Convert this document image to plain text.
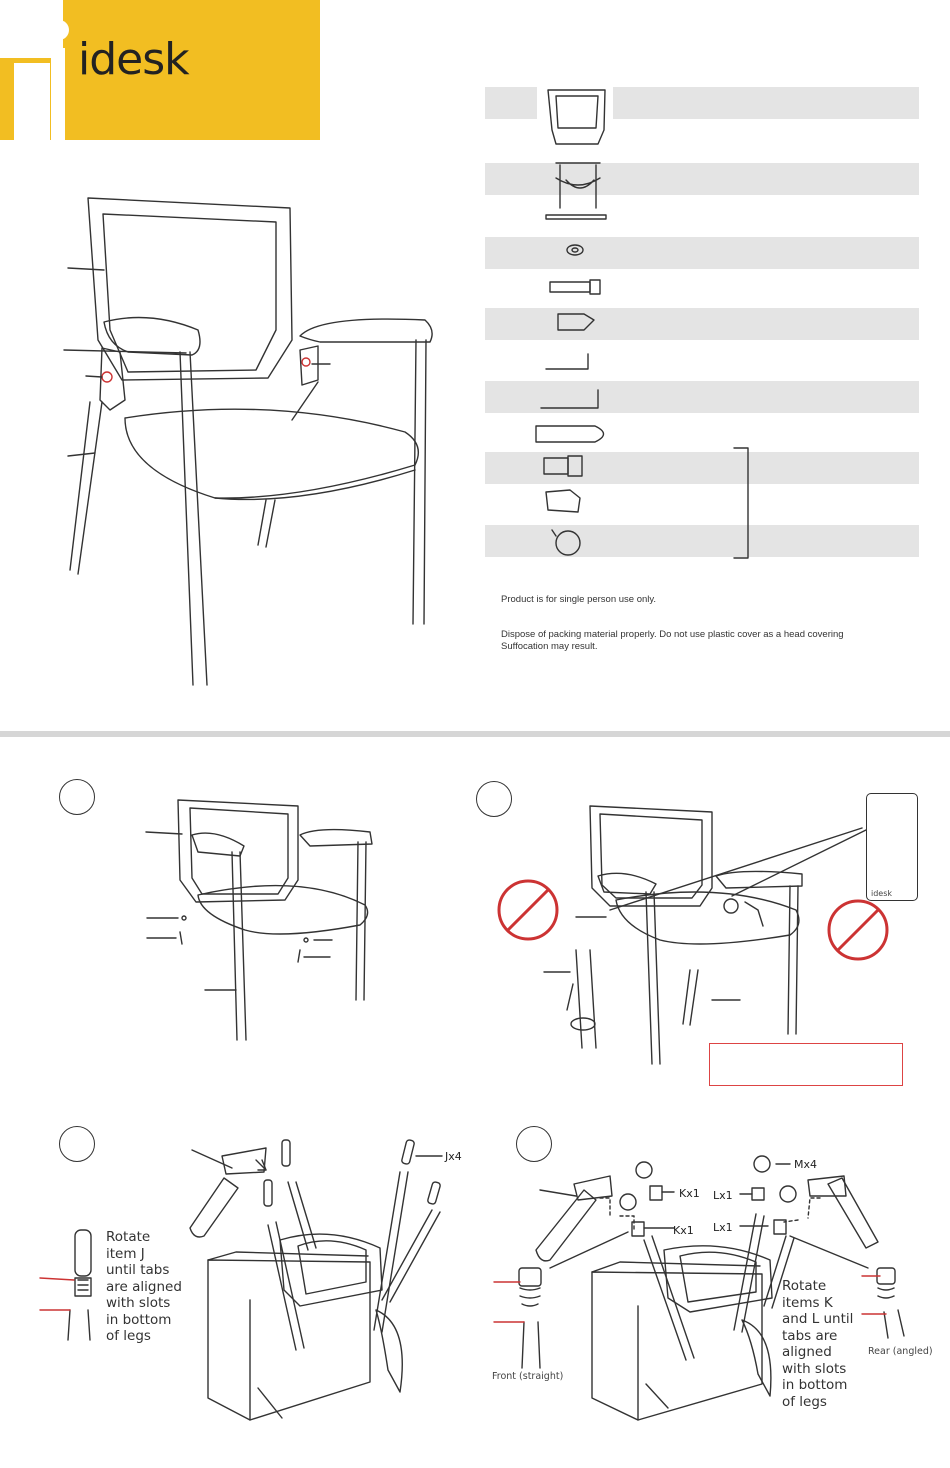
idesk
Product is for single person use only.
Dispose of packing material properly. Do not use plastic cover as a head covering
Suffocation may result.
idesk
Jx4
Mx4
Kx1
Kx1
Lx1
Lx1
Rotate
item J
until tabs
are aligned
with slots
in bottom
of legs
Rotate
items K
and L until
tabs are
aligned
with slots
in bottom
of legs
Front (straight)
Rear (angled)
